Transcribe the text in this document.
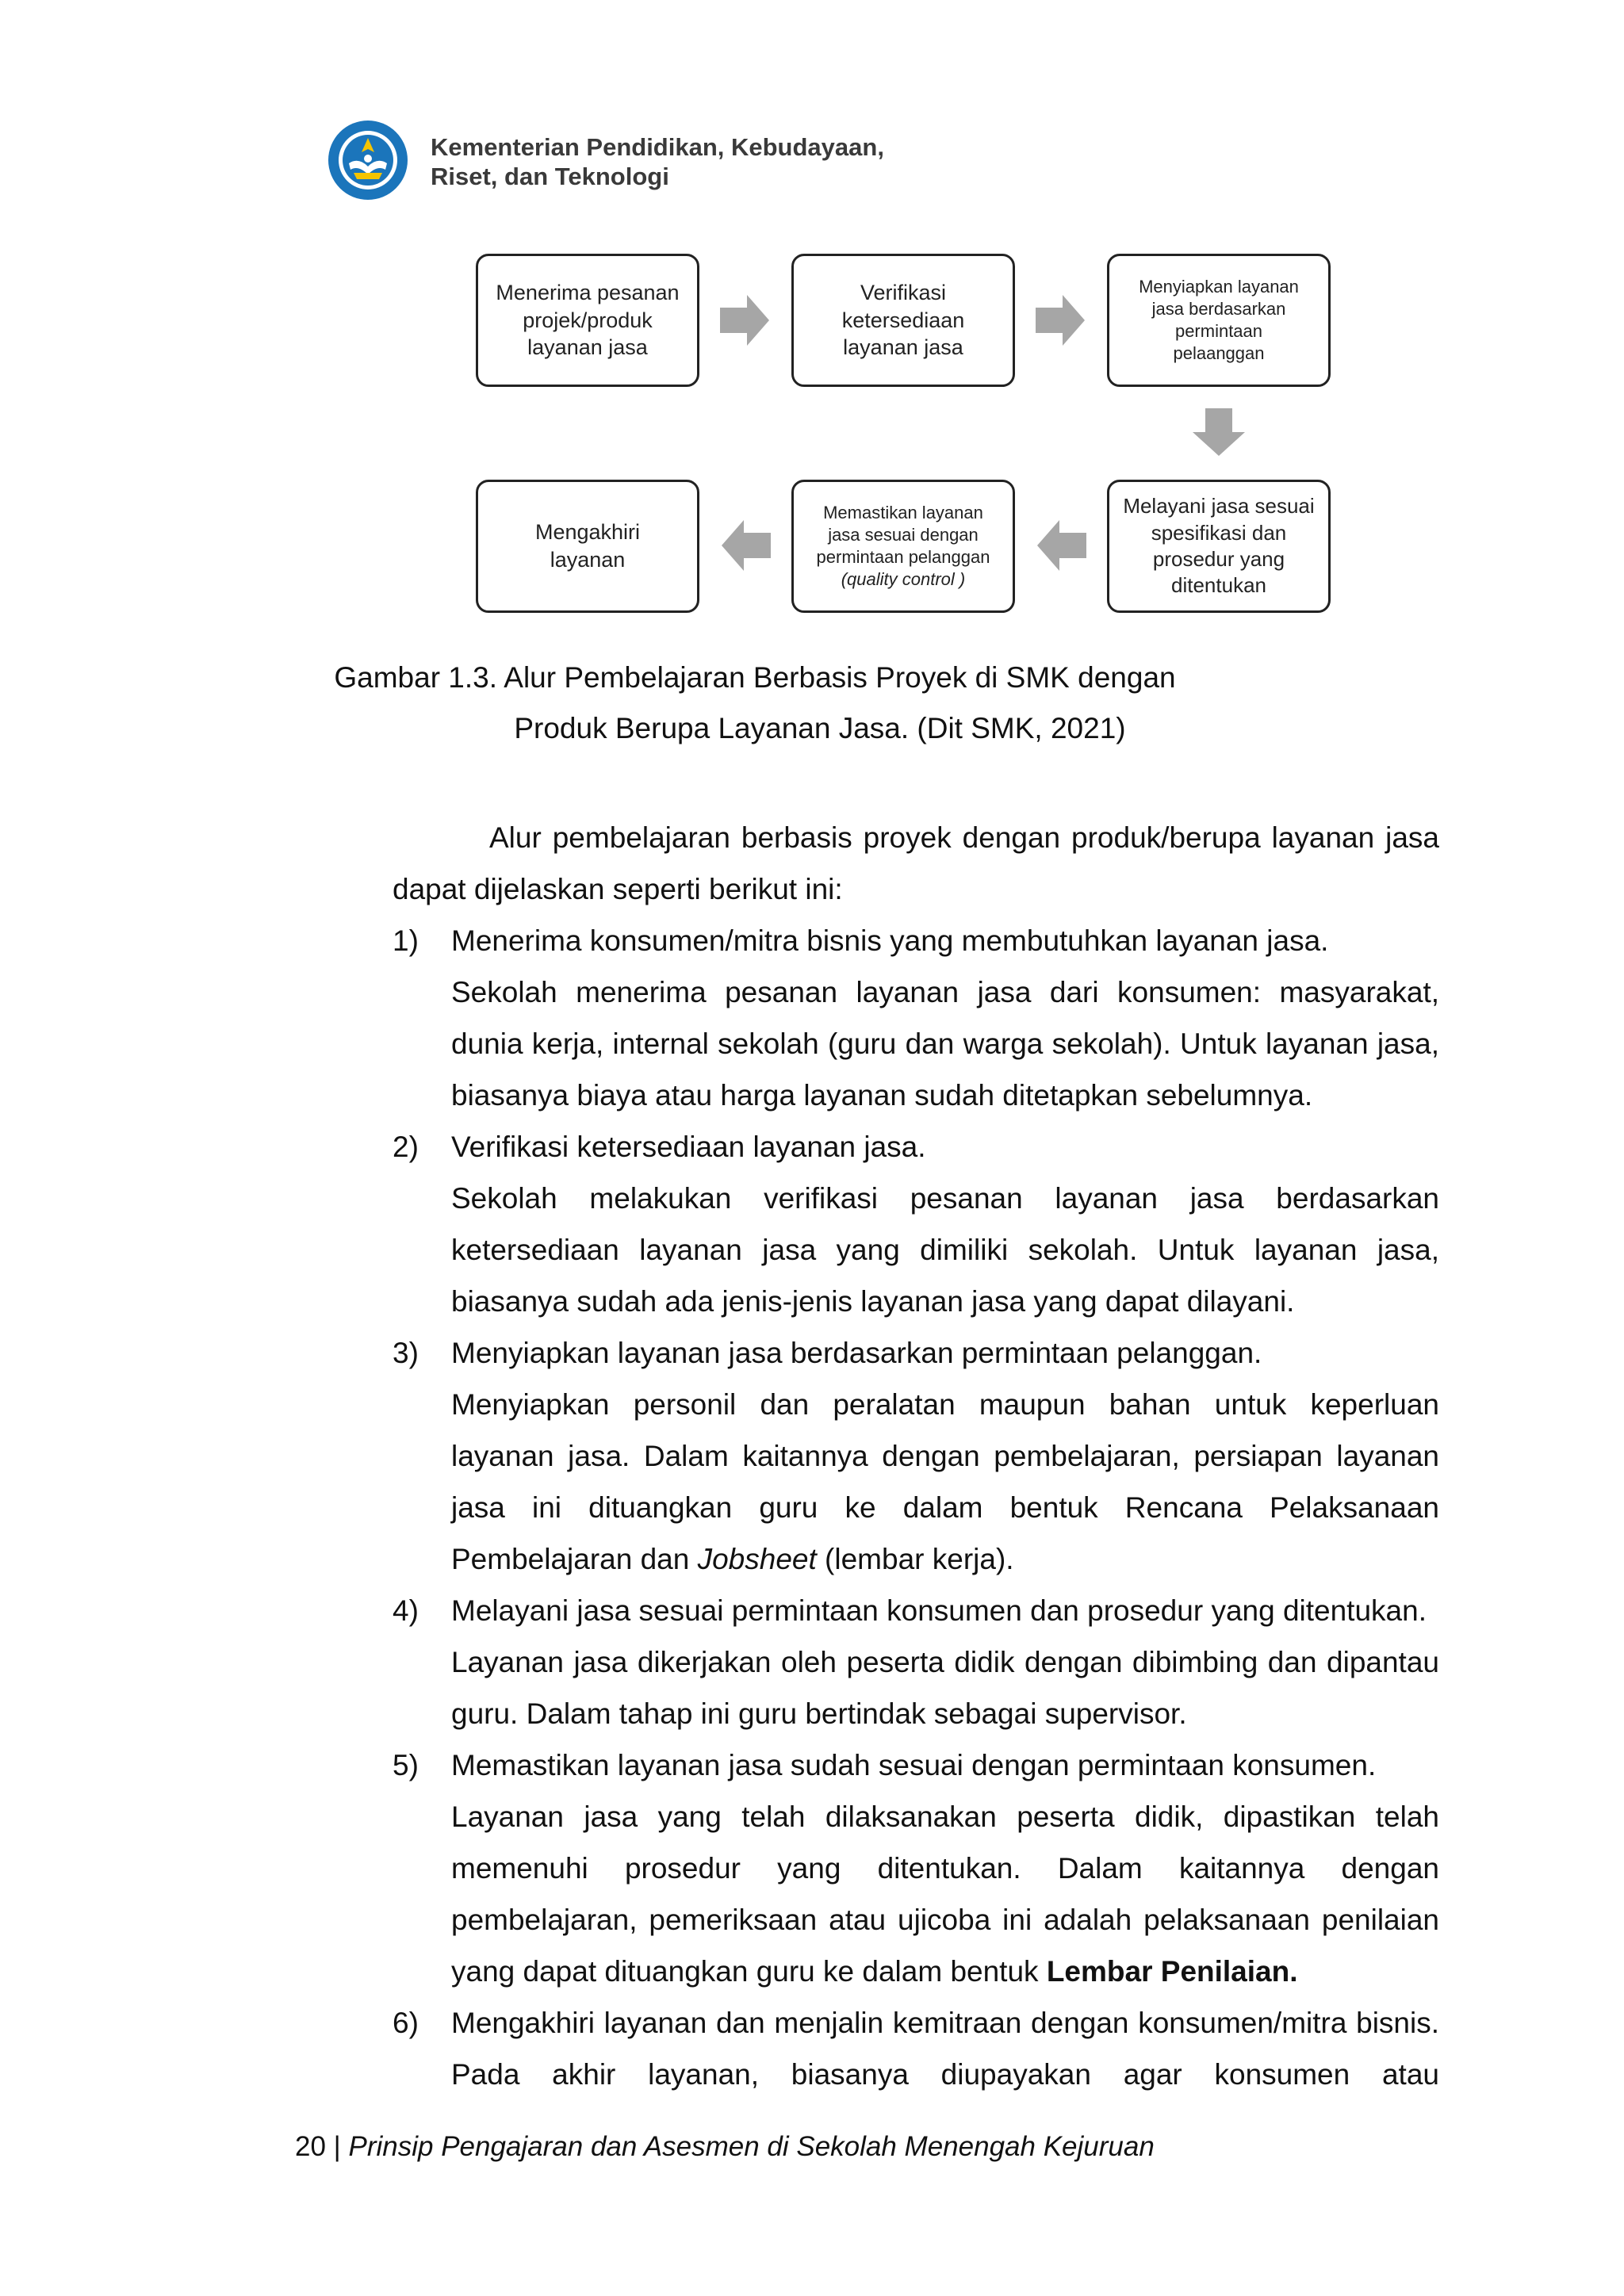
Kementerian Pendidikan, Kebudayaan,
Riset, dan Teknologi
Menerima pesanan
projek/produk
layanan jasa
Verifikasi
ketersediaan
layanan jasa
Menyiapkan layanan
jasa berdasarkan
permintaan
pelaanggan
Melayani jasa sesuai
spesifikasi dan
prosedur yang
ditentukan

Memastikan layanan
jasa sesuai dengan
permintaan pelanggan

(quality control )

Mengakhiri
layanan
Gambar 1.3. Alur Pembelajaran Berbasis Proyek di SMK dengan
Produk Berupa Layanan Jasa. (Dit SMK, 2021)

Alur pembelajaran berbasis proyek dengan produk/berupa layanan jasa dapat dijelaskan seperti berikut ini:

1) Menerima konsumen/mitra bisnis yang membutuhkan layanan jasa.
Sekolah menerima pesanan layanan jasa dari konsumen: masyarakat, dunia kerja, internal sekolah (guru dan warga sekolah). Untuk layanan jasa, biasanya biaya atau harga layanan sudah ditetapkan sebelumnya.
2) Verifikasi ketersediaan layanan jasa.
Sekolah melakukan verifikasi pesanan layanan jasa berdasarkan ketersediaan layanan jasa yang dimiliki sekolah. Untuk layanan jasa, biasanya sudah ada jenis-jenis layanan jasa yang dapat dilayani.
3) Menyiapkan layanan jasa berdasarkan permintaan pelanggan.
Menyiapkan personil dan peralatan maupun bahan untuk keperluan layanan jasa. Dalam kaitannya dengan pembelajaran, persiapan layanan jasa ini dituangkan guru ke dalam bentuk Rencana Pelaksanaan Pembelajaran dan Jobsheet (lembar kerja).
4) Melayani jasa sesuai permintaan konsumen dan prosedur yang ditentukan.
Layanan jasa dikerjakan oleh peserta didik dengan dibimbing dan dipantau guru. Dalam tahap ini guru bertindak sebagai supervisor.
5) Memastikan layanan jasa sudah sesuai dengan permintaan konsumen.
Layanan jasa yang telah dilaksanakan peserta didik, dipastikan telah memenuhi prosedur yang ditentukan. Dalam kaitannya dengan pembelajaran, pemeriksaan atau ujicoba ini adalah pelaksanaan penilaian yang dapat dituangkan guru ke dalam bentuk Lembar Penilaian.
6) Mengakhiri layanan dan menjalin kemitraan dengan konsumen/mitra bisnis. Pada akhir layanan, biasanya diupayakan agar konsumen atau
20 | Prinsip Pengajaran dan Asesmen di Sekolah Menengah Kejuruan
